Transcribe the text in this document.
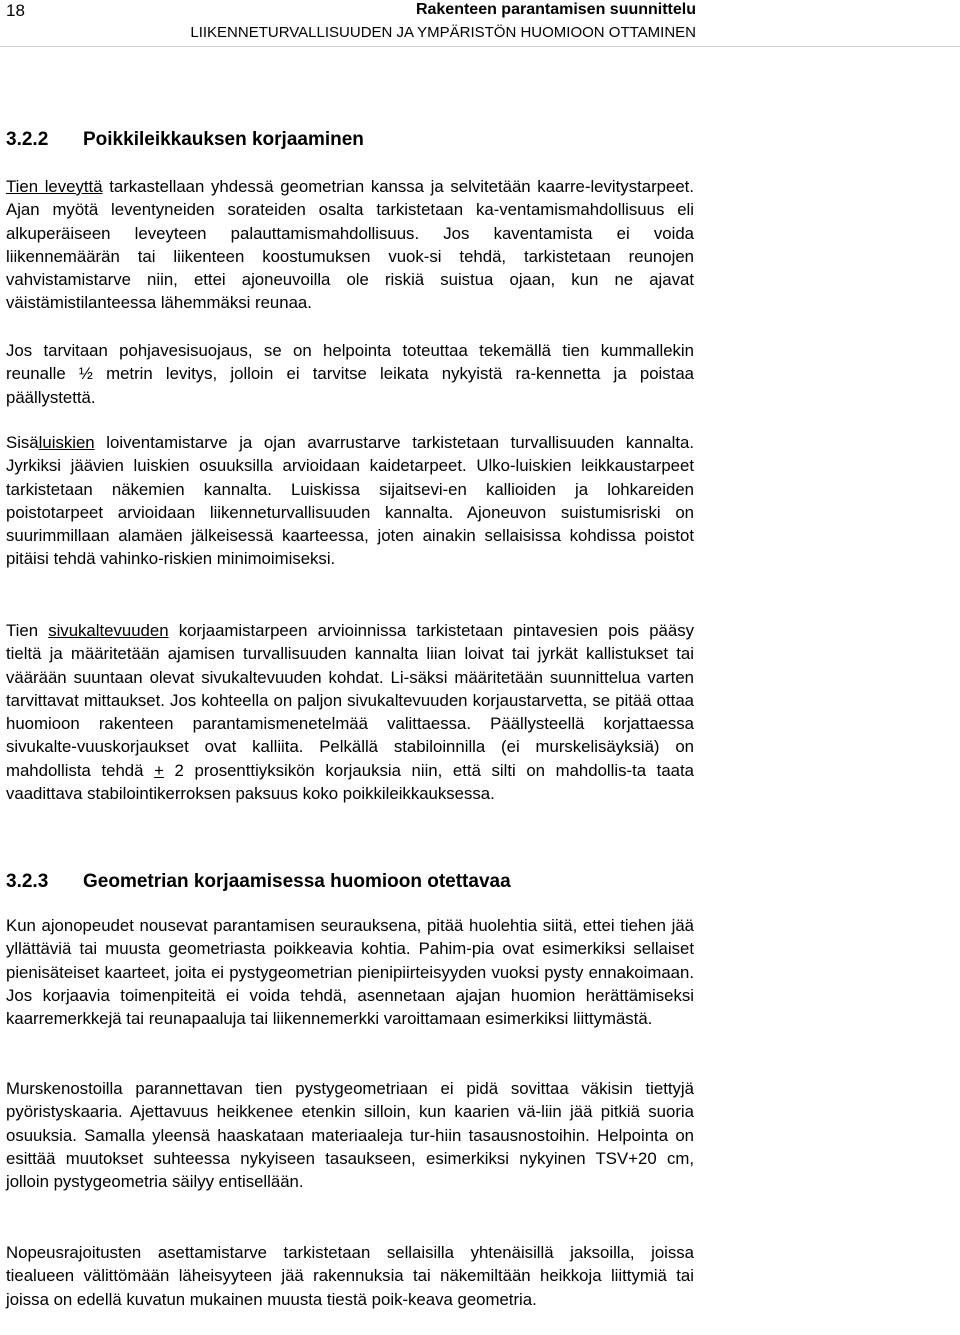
18	Rakenteen parantamisen suunnittelu
LIIKENNETURVALLISUUDEN JA YMPÄRISTÖN HUOMIOON OTTAMINEN
3.2.2 Poikkileikkauksen korjaaminen

Tien leveyttä tarkastellaan yhdessä geometrian kanssa ja selvitetään kaarre-levitystarpeet. Ajan myötä leventyneiden sorateiden osalta tarkistetaan ka-ventamismahdollisuus eli alkuperäiseen leveyteen palauttamismahdollisuus. Jos kaventamista ei voida liikennemäärän tai liikenteen koostumuksen vuok-si tehdä, tarkistetaan reunojen vahvistamistarve niin, ettei ajoneuvoilla ole riskiä suistua ojaan, kun ne ajavat väistämistilanteessa lähemmäksi reunaa.

Jos tarvitaan pohjavesisuojaus, se on helpointa toteuttaa tekemällä tien kummallekin reunalle ½ metrin levitys, jolloin ei tarvitse leikata nykyistä ra-kennetta ja poistaa päällystettä.

Sisäluiskien loiventamistarve ja ojan avarrustarve tarkistetaan turvallisuuden kannalta. Jyrkiksi jäävien luiskien osuuksilla arvioidaan kaidetarpeet. Ulko-luiskien leikkaustarpeet tarkistetaan näkemien kannalta. Luiskissa sijaitsevi-en kallioiden ja lohkareiden poistotarpeet arvioidaan liikenneturvallisuuden kannalta. Ajoneuvon suistumisriski on suurimmillaan alamäen jälkeisessä kaarteessa, joten ainakin sellaisissa kohdissa poistot pitäisi tehdä vahinko-riskien minimoimiseksi.

Tien sivukaltevuuden korjaamistarpeen arvioinnissa tarkistetaan pintavesien pois pääsy tieltä ja määritetään ajamisen turvallisuuden kannalta liian loivat tai jyrkät kallistukset tai väärään suuntaan olevat sivukaltevuuden kohdat. Li-säksi määritetään suunnittelua varten tarvittavat mittaukset. Jos kohteella on paljon sivukaltevuuden korjaustarvetta, se pitää ottaa huomioon rakenteen parantamismenetelmää valittaessa. Päällysteellä korjattaessa sivukalte-vuuskorjaukset ovat kalliita. Pelkällä stabiloinnilla (ei murskelisäyksiä) on mahdollista tehdä + 2 prosenttiyksikön korjauksia niin, että silti on mahdollis-ta taata vaadittava stabilointikerroksen paksuus koko poikkileikkauksessa.

3.2.3 Geometrian korjaamisessa huomioon otettavaa

Kun ajonopeudet nousevat parantamisen seurauksena, pitää huolehtia siitä, ettei tiehen jää yllättäviä tai muusta geometriasta poikkeavia kohtia. Pahim-pia ovat esimerkiksi sellaiset pienisäteiset kaarteet, joita ei pystygeometrian pienipiirteisyyden vuoksi pysty ennakoimaan. Jos korjaavia toimenpiteitä ei voida tehdä, asennetaan ajajan huomion herättämiseksi kaarremerkkejä tai reunapaaluja tai liikennemerkki varoittamaan esimerkiksi liittymästä.

Murskenostoilla parannettavan tien pystygeometriaan ei pidä sovittaa väkisin tiettyjä pyöristyskaaria. Ajettavuus heikkenee etenkin silloin, kun kaarien vä-liin jää pitkiä suoria osuuksia. Samalla yleensä haaskataan materiaaleja tur-hiin tasausnostoihin. Helpointa on esittää muutokset suhteessa nykyiseen tasaukseen, esimerkiksi nykyinen TSV+20 cm, jolloin pystygeometria säilyy entisellään.

Nopeusrajoitusten asettamistarve tarkistetaan sellaisilla yhtenäisillä jaksoilla, joissa tiealueen välittömään läheisyyteen jää rakennuksia tai näkemiltään heikkoja liittymiä tai joissa on edellä kuvatun mukainen muusta tiestä poik-keava geometria.
